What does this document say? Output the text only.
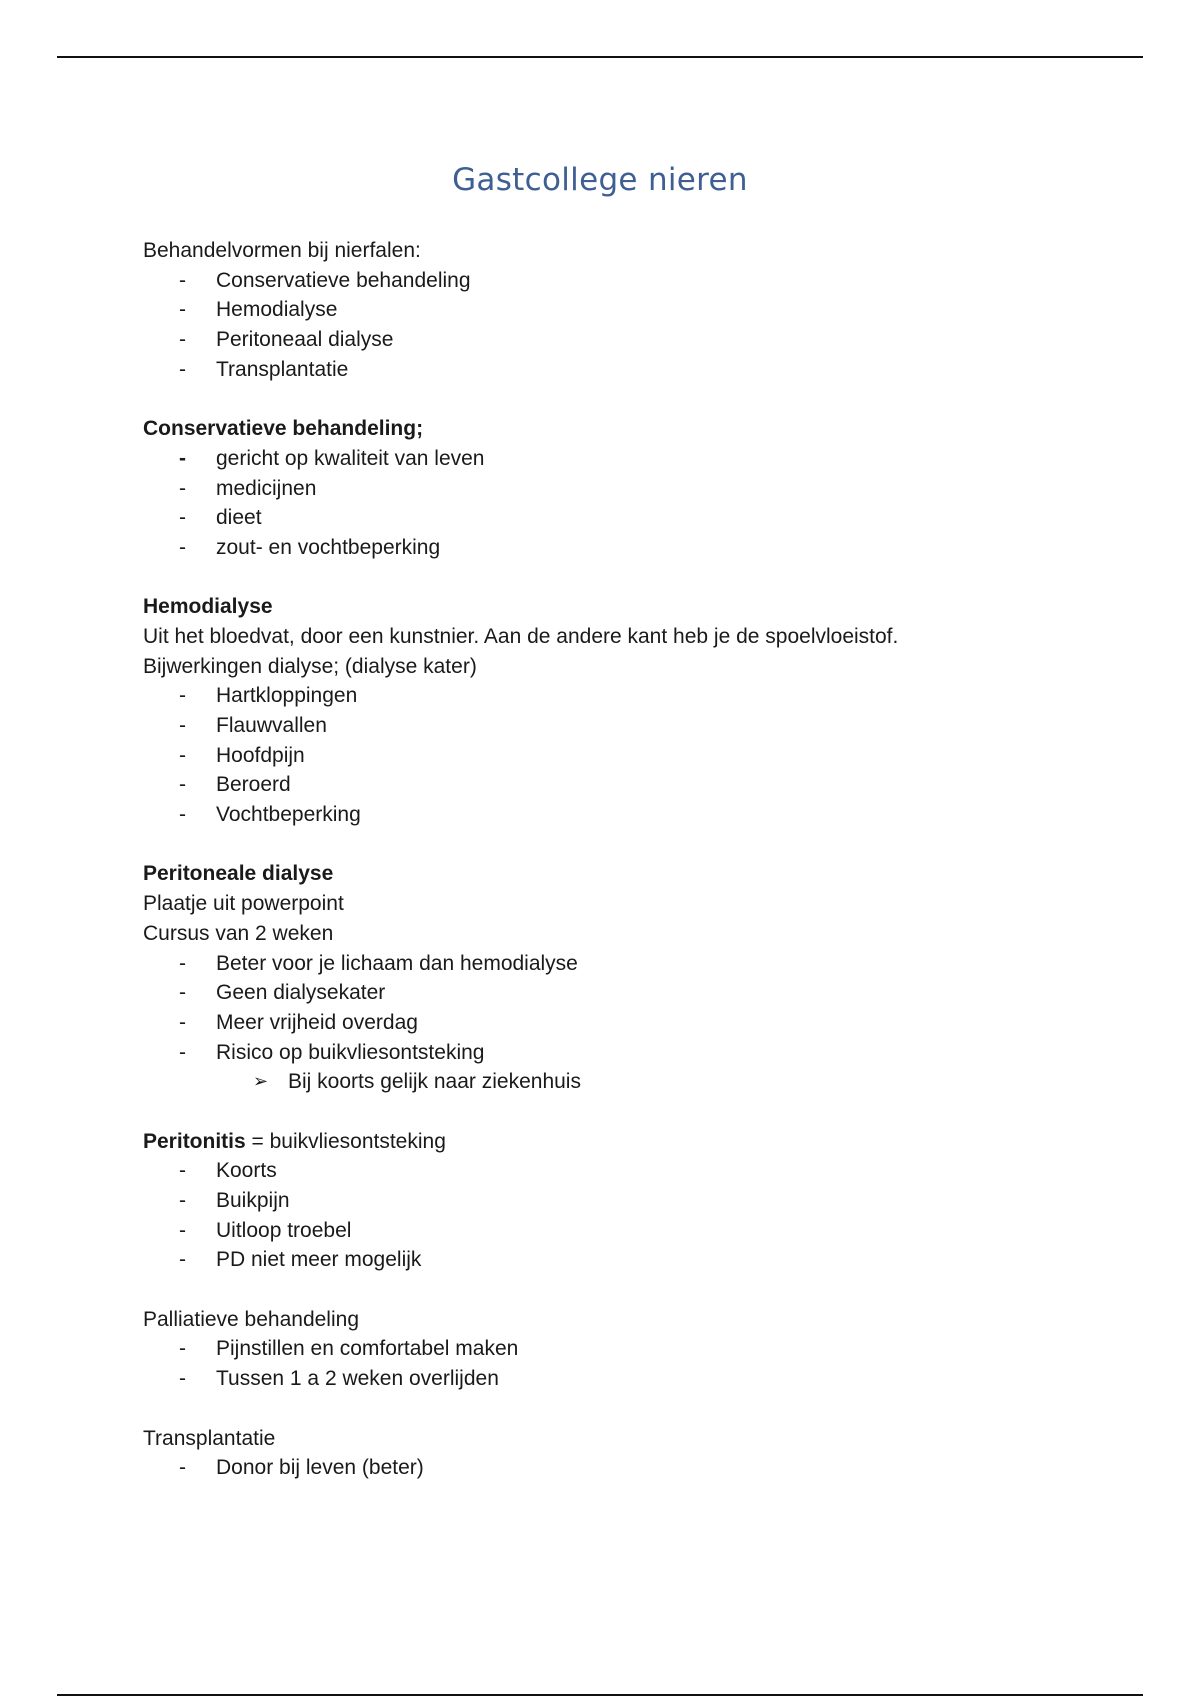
Gastcollege nieren
Behandelvormen bij nierfalen:
- Conservatieve behandeling
- Hemodialyse
- Peritoneaal dialyse
- Transplantatie
Conservatieve behandeling;
- gericht op kwaliteit van leven
- medicijnen
- dieet
- zout- en vochtbeperking
Hemodialyse
Uit het bloedvat, door een kunstnier. Aan de andere kant heb je de spoelvloeistof.
Bijwerkingen dialyse; (dialyse kater)
- Hartkloppingen
- Flauwvallen
- Hoofdpijn
- Beroerd
- Vochtbeperking
Peritoneale dialyse
Plaatje uit powerpoint
Cursus van 2 weken
- Beter voor je lichaam dan hemodialyse
- Geen dialysekater
- Meer vrijheid overdag
- Risico op buikvliesontsteking
➢ Bij koorts gelijk naar ziekenhuis
Peritonitis = buikvliesontsteking
- Koorts
- Buikpijn
- Uitloop troebel
- PD niet meer mogelijk
Palliatieve behandeling
- Pijnstillen en comfortabel maken
- Tussen 1 a 2 weken overlijden
Transplantatie
- Donor bij leven (beter)
